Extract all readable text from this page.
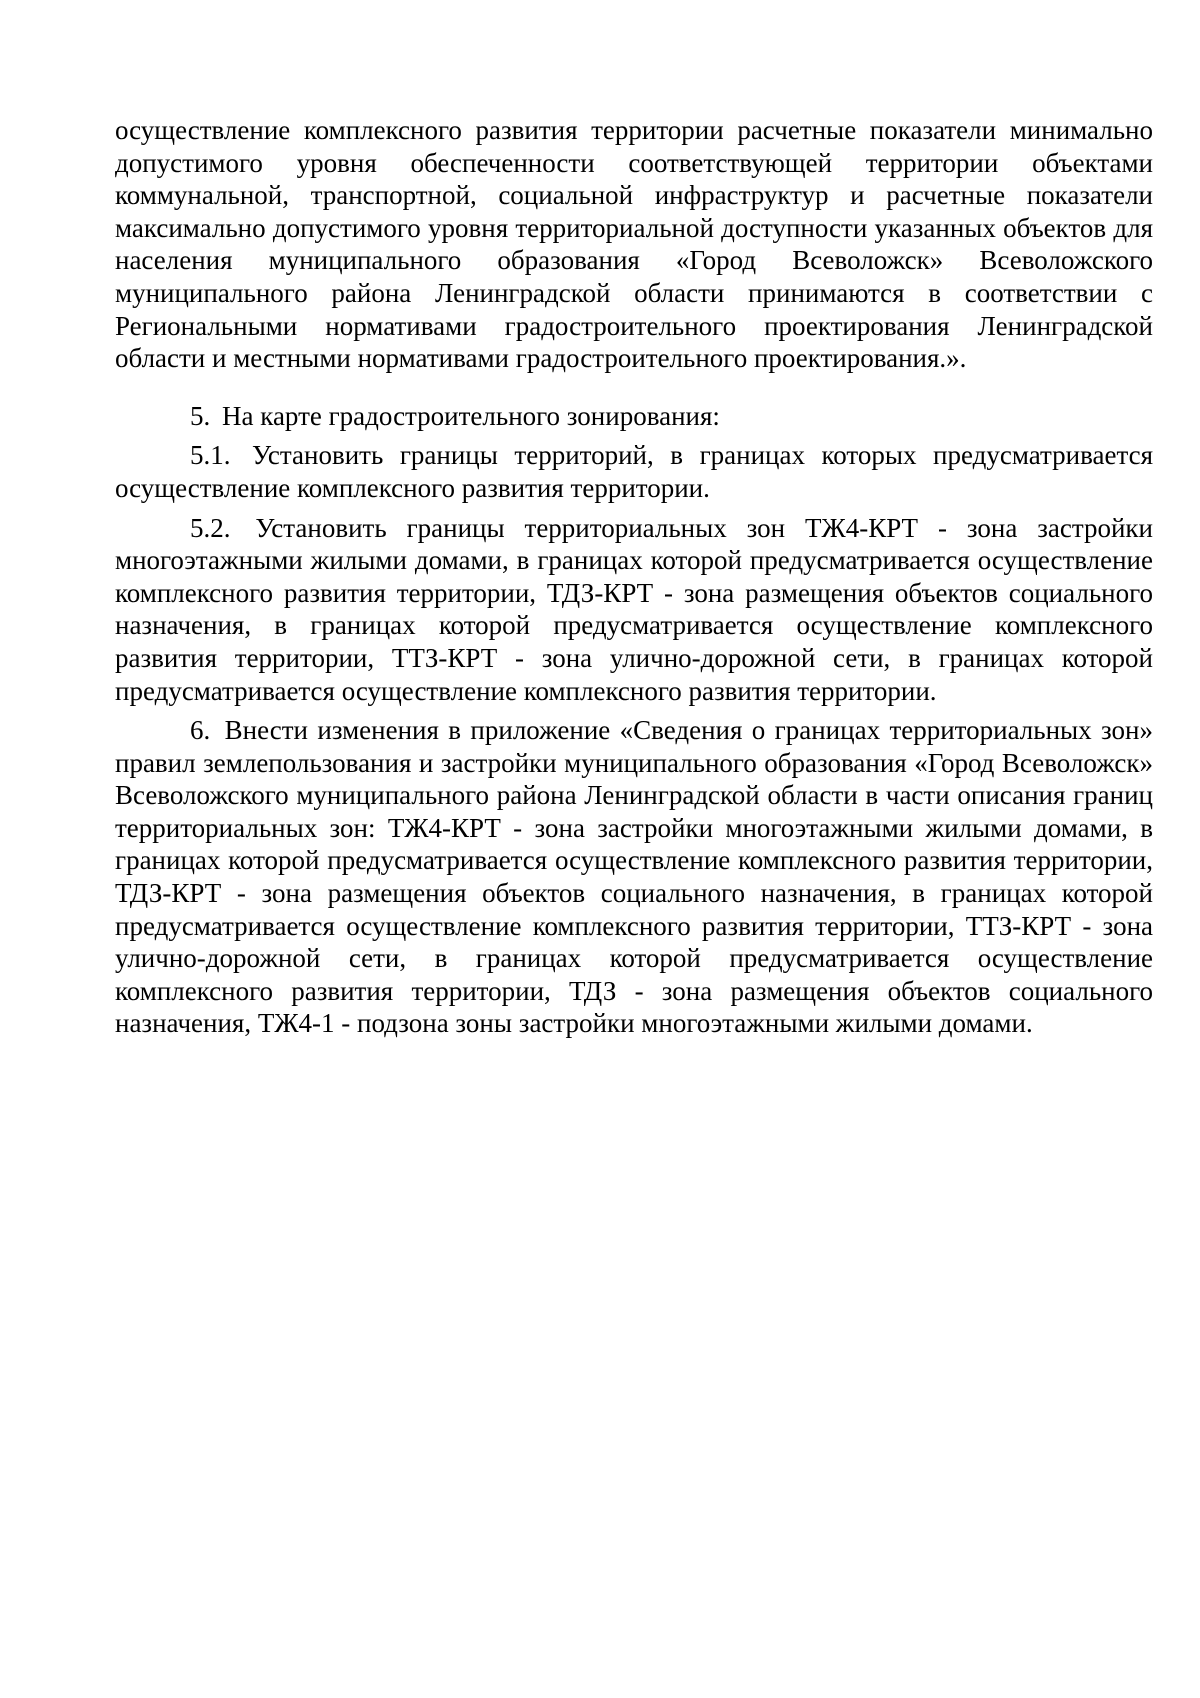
осуществление комплексного развития территории расчетные показатели минимально допустимого уровня обеспеченности соответствующей территории объектами коммунальной, транспортной, социальной инфраструктур и расчетные показатели максимально допустимого уровня территориальной доступности указанных объектов для населения муниципального образования «Город Всеволожск» Всеволожского муниципального района Ленинградской области принимаются в соответствии с Региональными нормативами градостроительного проектирования Ленинградской области и местными нормативами градостроительного проектирования.».

5. На карте градостроительного зонирования:

5.1. Установить границы территорий, в границах которых предусматривается осуществление комплексного развития территории.

5.2. Установить границы территориальных зон ТЖ4-КРТ - зона застройки многоэтажными жилыми домами, в границах которой предусматривается осуществление комплексного развития территории, ТДЗ-КРТ - зона размещения объектов социального назначения, в границах которой предусматривается осуществление комплексного развития территории, ТТЗ-КРТ - зона улично-дорожной сети, в границах которой предусматривается осуществление комплексного развития территории.

6. Внести изменения в приложение «Сведения о границах территориальных зон» правил землепользования и застройки муниципального образования «Город Всеволожск» Всеволожского муниципального района Ленинградской области в части описания границ территориальных зон: ТЖ4-КРТ - зона застройки многоэтажными жилыми домами, в границах которой предусматривается осуществление комплексного развития территории, ТДЗ-КРТ - зона размещения объектов социального назначения, в границах которой предусматривается осуществление комплексного развития территории, ТТЗ-КРТ - зона улично-дорожной сети, в границах которой предусматривается осуществление комплексного развития территории, ТДЗ - зона размещения объектов социального назначения, ТЖ4-1 - подзона зоны застройки многоэтажными жилыми домами.
